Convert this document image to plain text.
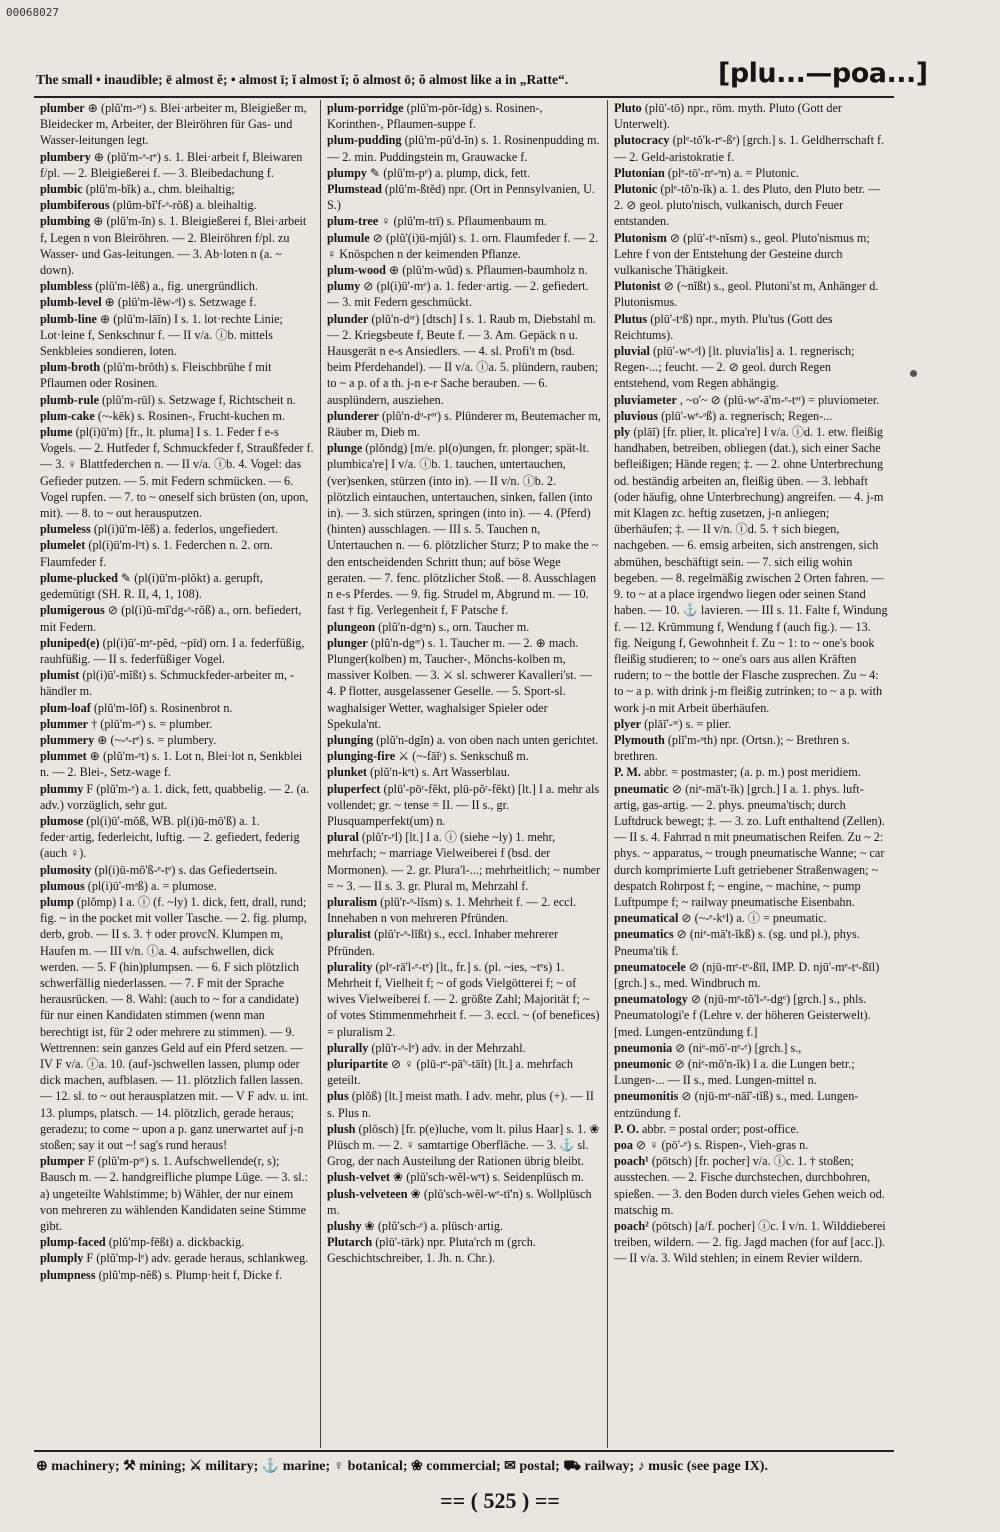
00068027
The small • inaudible; ē almost ĕ; • almost ī; ĭ almost ĭ; ŏ almost ō; ŏ almost like a in „Ratte“.	[plu...—poa...]

plumber ⊕ (plŭ'm-ᵊʳ) s. Blei·arbeiter m, Bleigießer m, Bleidecker m, Arbeiter, der Bleiröhren für Gas- und Wasser-leitungen legt.

plumbery ⊕ (plŭ'm-ᵊ-rᵉ) s. 1. Blei·arbeit f, Bleiwaren f/pl. — 2. Bleigießerei f. — 3. Bleibedachung f.

plumbic (plŭ'm-bĭk) a., chm. bleihaltig;

plumbiferous (plŭm-bĭ'f-ᵊ-rŏß) a. bleihaltig.

plumbing ⊕ (plŭ'm-ĭn) s. 1. Bleigießerei f, Blei·arbeit f, Legen n von Bleiröhren. — 2. Bleiröhren f/pl. zu Wasser- und Gas-leitungen. — 3. Ab·loten n (a. ~ down).

plumbless (plŭ'm-lĕß) a., fig. unergründlich.

plumb-level ⊕ (plŭ'm-lĕw-ᵊl) s. Setzwage f.

plumb-line ⊕ (plŭ'm-lāĭn) I s. 1. lot·rechte Linie; Lot·leine f, Senkschnur f. — II v/a. ⓘb. mittels Senkbleies sondieren, loten.

plum-broth (plŭ'm-brŏth) s. Fleischbrühe f mit Pflaumen oder Rosinen.

plumb-rule (plŭ'm-rūl) s. Setzwage f, Richtscheit n.

plum-cake (~-kēk) s. Rosinen-, Frucht-kuchen m.

plume (pl(i)ū'm) [fr., lt. pluma] I s. 1. Feder f e-s Vogels. — 2. Hutfeder f, Schmuckfeder f, Straußfeder f. — 3. ♀ Blattfederchen n. — II v/a. ⓘb. 4. Vogel: das Gefieder putzen. — 5. mit Federn schmücken. — 6. Vogel rupfen. — 7. to ~ oneself sich brüsten (on, upon, mit). — 8. to ~ out herausputzen.

plumeless (pl(i)ū'm-lĕß) a. federlos, ungefiedert.

plumelet (pl(i)ū'm-lᵉt) s. 1. Federchen n. 2. orn. Flaumfeder f.

plume-plucked ✎ (pl(i)ū'm-plŏkt) a. gerupft, gedemütigt (SH. R. II, 4, 1, 108).

plumigerous ⊘ (pl(i)ū-mĭ'dg-ᵊ-rŏß) a., orn. befiedert, mit Federn.

pluniped(e) (pl(i)ū'-mᵉ-pĕd, ~pīd) orn. I a. federfüßig, rauhfüßig. — II s. federfüßiger Vogel.

plumist (pl(i)ū'-mĭßt) s. Schmuckfeder-arbeiter m, -händler m.

plum-loaf (plŭ'm-lōf) s. Rosinenbrot n.

plummer † (plŭ'm-ᵊʳ) s. = plumber.

plummery ⊕ (~-ᵊ-rᵉ) s. = plumbery.

plummet ⊕ (plŭ'm-ᵉt) s. 1. Lot n, Blei·lot n, Senkblei n. — 2. Blei-, Setz-wage f.

plummy F (plŭ'm-ᵉ) a. 1. dick, fett, quabbelig. — 2. (a. adv.) vorzüglich, sehr gut.

plumose (pl(i)ū'-mŏß, WB. pl(i)ū-mō'ß) a. 1. feder·artig, federleicht, luftig. — 2. gefiedert, federig (auch ♀).

plumosity (pl(i)ū-mŏ'ß-ᵉ-tᵉ) s. das Gefiedertsein.

plumous (pl(i)ū'-mᵊß) a. = plumose.

plump (plŏmp) I a. ⓘ (f. ~ly) 1. dick, fett, drall, rund; fig. ~ in the pocket mit voller Tasche. — 2. fig. plump, derb, grob. — II s. 3. † oder provcN. Klumpen m, Haufen m. — III v/n. ⓘa. 4. aufschwellen, dick werden. — 5. F (hin)plumpsen. — 6. F sich plötzlich schwerfällig niederlassen. — 7. F mit der Sprache herausrücken. — 8. Wahl: (auch to ~ for a candidate) für nur einen Kandidaten stimmen (wenn man berechtigt ist, für 2 oder mehrere zu stimmen). — 9. Wettrennen: sein ganzes Geld auf ein Pferd setzen. — IV F v/a. ⓘa. 10. (auf-)schwellen lassen, plump oder dick machen, aufblasen. — 11. plötzlich fallen lassen. — 12. sl. to ~ out herausplatzen mit. — V F adv. u. int. 13. plumps, platsch. — 14. plötzlich, gerade heraus; geradezu; to come ~ upon a p. ganz unerwartet auf j-n stoßen; say it out ~! sag's rund heraus!

plumper F (plŭ'm-pᵊʳ) s. 1. Aufschwellende(r, s); Bausch m. — 2. handgreifliche plumpe Lüge. — 3. sl.: a) ungeteilte Wahlstimme; b) Wähler, der nur einem von mehreren zu wählenden Kandidaten seine Stimme gibt.

plump-faced (plŭ'mp-fēßt) a. dickbackig.

plumply F (plŭ'mp-lᵉ) adv. gerade heraus, schlankweg.

plumpness (plŭ'mp-nĕß) s. Plump·heit f, Dicke f.

plum-porridge (plŭ'm-pŏr-ĭdg) s. Rosinen-, Korinthen-, Pflaumen-suppe f.

plum-pudding (plŭ'm-pŭ'd-ĭn) s. 1. Rosinenpudding m. — 2. min. Puddingstein m, Grauwacke f.

plumpy ✎ (plŭ'm-pᵉ) a. plump, dick, fett.

Plumstead (plŭ'm-ßtĕd) npr. (Ort in Pennsylvanien, U. S.)

plum-tree ♀ (plŭ'm-trī) s. Pflaumenbaum m.

plumule ⊘ (plŭ'(i)ū-mjŭl) s. 1. orn. Flaumfeder f. — 2. ♀ Knöspchen n der keimenden Pflanze.

plum-wood ⊕ (plŭ'm-wŭd) s. Pflaumen-baumholz n.

plumy ⊘ (pl(i)ū'-mᵉ) a. 1. feder·artig. — 2. gefiedert. — 3. mit Federn geschmückt.

plunder (plŭ'n-dᵊʳ) [dtsch] I s. 1. Raub m, Diebstahl m. — 2. Kriegsbeute f, Beute f. — 3. Am. Gepäck n u. Hausgerät n e-s Ansiedlers. — 4. sl. Profi't m (bsd. beim Pferdehandel). — II v/a. ⓘa. 5. plündern, rauben; to ~ a p. of a th. j-n e-r Sache berauben. — 6. ausplündern, ausziehen.

plunderer (plŭ'n-dᵊ-rᵊʳ) s. Plünderer m, Beutemacher m, Räuber m, Dieb m.

plunge (plŏndg) [m/e. pl(o)ungen, fr. plonger; spät-lt. plumbica're] I v/a. ⓘb. 1. tauchen, untertauchen, (ver)senken, stürzen (into in). — II v/n. ⓘb. 2. plötzlich eintauchen, untertauchen, sinken, fallen (into in). — 3. sich stürzen, springen (into in). — 4. (Pferd) (hinten) ausschlagen. — III s. 5. Tauchen n, Untertauchen n. — 6. plötzlicher Sturz; P to make the ~ den entscheidenden Schritt thun; auf böse Wege geraten. — 7. fenc. plötzlicher Stoß. — 8. Ausschlagen n e-s Pferdes. — 9. fig. Strudel m, Abgrund m. — 10. fast † fig. Verlegenheit f, F Patsche f.

plungeon (plŭ'n-dgᵊn) s., orn. Taucher m.

plunger (plŭ'n-dgᵊʳ) s. 1. Taucher m. — 2. ⊕ mach. Plunger(kolben) m, Taucher-, Mönchs-kolben m, massiver Kolben. — 3. ⚔ sl. schwerer Kavalleri'st. — 4. P flotter, ausgelassener Geselle. — 5. Sport-sl. waghalsiger Wetter, waghalsiger Spieler oder Spekula'nt.

plunging (plŭ'n-dgĭn) a. von oben nach unten gerichtet.

plunging-fire ⚔ (~-fāĭʳ) s. Senkschuß m.

plunket (plŭ'n-kᵉt) s. Art Wasserblau.

pluperfect (plū'-pōʳ-fĕkt, plū-pŏʳ-fĕkt) [lt.] I a. mehr als vollendet; gr. ~ tense = II. — II s., gr. Plusquamperfekt(um) n.

plural (plŭ'r-ᵉl) [lt.] I a. ⓘ (siehe ~ly) 1. mehr, mehrfach; ~ marriage Vielweiberei f (bsd. der Mormonen). — 2. gr. Plura'l-...; mehrheitlich; ~ number = ~ 3. — II s. 3. gr. Plural m, Mehrzahl f.

pluralism (plŭ'r-ᵊ-lĭsm) s. 1. Mehrheit f. — 2. eccl. Innehaben n von mehreren Pfründen.

pluralist (plŭ'r-ᵊ-lĭßt) s., eccl. Inhaber mehrerer Pfründen.

plurality (plᵉ-rā'l-ᵉ-tᵉ) [lt., fr.] s. (pl. ~ies, ~tᵉs) 1. Mehrheit f, Vielheit f; ~ of gods Vielgötterei f; ~ of wives Vielweiberei f. — 2. größte Zahl; Majorität f; ~ of votes Stimmenmehrheit f. — 3. eccl. ~ (of benefices) = pluralism 2.

plurally (plŭ'r-ᵊ-lᵉ) adv. in der Mehrzahl.

pluripartite ⊘ ♀ (plū-rᵉ-pā'ʳ-tāĭt) [lt.] a. mehrfach geteilt.

plus (plŏß) [lt.] meist math. I adv. mehr, plus (+). — II s. Plus n.

plush (plŏsch) [fr. p(e)luche, vom lt. pilus Haar] s. 1. ❀ Plüsch m. — 2. ♀ samtartige Oberfläche. — 3. ⚓ sl. Grog, der nach Austeilung der Rationen übrig bleibt.

plush-velvet ❀ (plŭ'sch-wĕl-wᵉt) s. Seidenplüsch m.

plush-velveteen ❀ (plŭ'sch-wĕl-wᵉ-tī'n) s. Wollplüsch m.

plushy ❀ (plŭ'sch-ᵉ) a. plüsch·artig.

Plutarch (plū'-tārk) npr. Pluta'rch m (grch. Geschichtschreiber, 1. Jh. n. Chr.).

Pluto (plū'-tō) npr., röm. myth. Pluto (Gott der Unterwelt).

plutocracy (plᵉ-tŏ'k-rᵉ-ßᵉ) [grch.] s. 1. Geldherrschaft f. — 2. Geld-aristokratie f.

Plutonian (plᵉ-tō'-nᵉ-ᵊn) a. = Plutonic.

Plutonic (plᵉ-tŏ'n-ĭk) a. 1. des Pluto, den Pluto betr. — 2. ⊘ geol. pluto'nisch, vulkanisch, durch Feuer entstanden.

Plutonism ⊘ (plū'-tᵊ-nĭsm) s., geol. Pluto'nismus m; Lehre f von der Entstehung der Gesteine durch vulkanische Thätigkeit.

Plutonist ⊘ (~nĭßt) s., geol. Plutoni'st m, Anhänger d. Plutonismus.

Plutus (plū'-tᵊß) npr., myth. Plu'tus (Gott des Reichtums).

pluvial (plū'-wᵉ-ᵊl) [lt. pluvia'lis] a. 1. regnerisch; Regen-...; feucht. — 2. ⊘ geol. durch Regen entstehend, vom Regen abhängig.

pluviameter , ~o'~ ⊘ (plū-wᵉ-ā'm-ᵉ-tᵊʳ) = pluviometer.

pluvious (plū'-wᵉ-ᵊß) a. regnerisch; Regen-...

ply (plāĭ) [fr. plier, lt. plica're] I v/a. ⓘd. 1. etw. fleißig handhaben, betreiben, obliegen (dat.), sich einer Sache befleißigen; Hände regen; ‡. — 2. ohne Unterbrechung od. beständig arbeiten an, fleißig üben. — 3. lebhaft (oder häufig, ohne Unterbrechung) angreifen. — 4. j-m mit Klagen zc. heftig zusetzen, j-n anliegen; überhäufen; ‡. — II v/n. ⓘd. 5. † sich biegen, nachgeben. — 6. emsig arbeiten, sich anstrengen, sich abmühen, beschäftigt sein. — 7. sich eilig wohin begeben. — 8. regelmäßig zwischen 2 Orten fahren. — 9. to ~ at a place irgendwo liegen oder seinen Stand haben. — 10. ⚓ lavieren. — III s. 11. Falte f, Windung f. — 12. Krümmung f, Wendung f (auch fig.). — 13. fig. Neigung f, Gewohnheit f. Zu ~ 1: to ~ one's book fleißig studieren; to ~ one's oars aus allen Kräften rudern; to ~ the bottle der Flasche zusprechen. Zu ~ 4: to ~ a p. with drink j-m fleißig zutrinken; to ~ a p. with work j-n mit Arbeit überhäufen.

plyer (plāĭ'-ᵊʳ) s. = plier.

Plymouth (plĭ'm-ᵊth) npr. (Ortsn.); ~ Brethren s. brethren.

P. M. abbr. = postmaster; (a. p. m.) post meridiem.

pneumatic ⊘ (niᵉ-mā't-ĭk) [grch.] I a. 1. phys. luft-artig, gas-artig. — 2. phys. pneuma'tisch; durch Luftdruck bewegt; ‡. — 3. zo. Luft enthaltend (Zellen). — II s. 4. Fahrrad n mit pneumatischen Reifen. Zu ~ 2: phys. ~ apparatus, ~ trough pneumatische Wanne; ~ car durch komprimierte Luft getriebener Straßenwagen; ~ despatch Rohrpost f; ~ engine, ~ machine, ~ pump Luftpumpe f; ~ railway pneumatische Eisenbahn.

pneumatical ⊘ (~-ᵉ-kᵉl) a. ⓘ = pneumatic.

pneumatics ⊘ (niᵉ-mā't-ĭkß) s. (sg. und pl.), phys. Pneuma'tik f.

pneumatocele ⊘ (njū-mᵉ-tᵉ-ßīl, IMP. D. njū'-mᵉ-tᵊ-ßīl) [grch.] s., med. Windbruch m.

pneumatology ⊘ (njū-mᵉ-tŏ'l-ᵉ-dgᵉ) [grch.] s., phls. Pneumatologi'e f (Lehre v. der höheren Geisterwelt). [med. Lungen-entzündung f.]

pneumonia ⊘ (niᵉ-mō'-nᵉ-ᵉ) [grch.] s.,

pneumonic ⊘ (niᵉ-mŏ'n-ĭk) I a. die Lungen betr.; Lungen-... — II s., med. Lungen-mittel n.

pneumonitis ⊘ (njū-mᵉ-nāĭ'-tĭß) s., med. Lungen-entzündung f.

P. O. abbr. = postal order; post-office.

poa ⊘ ♀ (pō'-ᵉ) s. Rispen-, Vieh-gras n.

poach¹ (pōtsch) [fr. pocher] v/a. ⓘc. 1. † stoßen; ausstechen. — 2. Fische durchstechen, durchbohren, spießen. — 3. den Boden durch vieles Gehen weich od. matschig m.

poach² (pōtsch) [a/f. pocher] ⓘc. I v/n. 1. Wilddieberei treiben, wildern. — 2. fig. Jagd machen (for auf [acc.]). — II v/a. 3. Wild stehlen; in einem Revier wildern.

⊕ machinery; ⚒ mining; ⚔ military; ⚓ marine; ♀ botanical; ❀ commercial; ✉ postal; ⛟ railway; ♪ music (see page IX).
== ( 525 ) ==
